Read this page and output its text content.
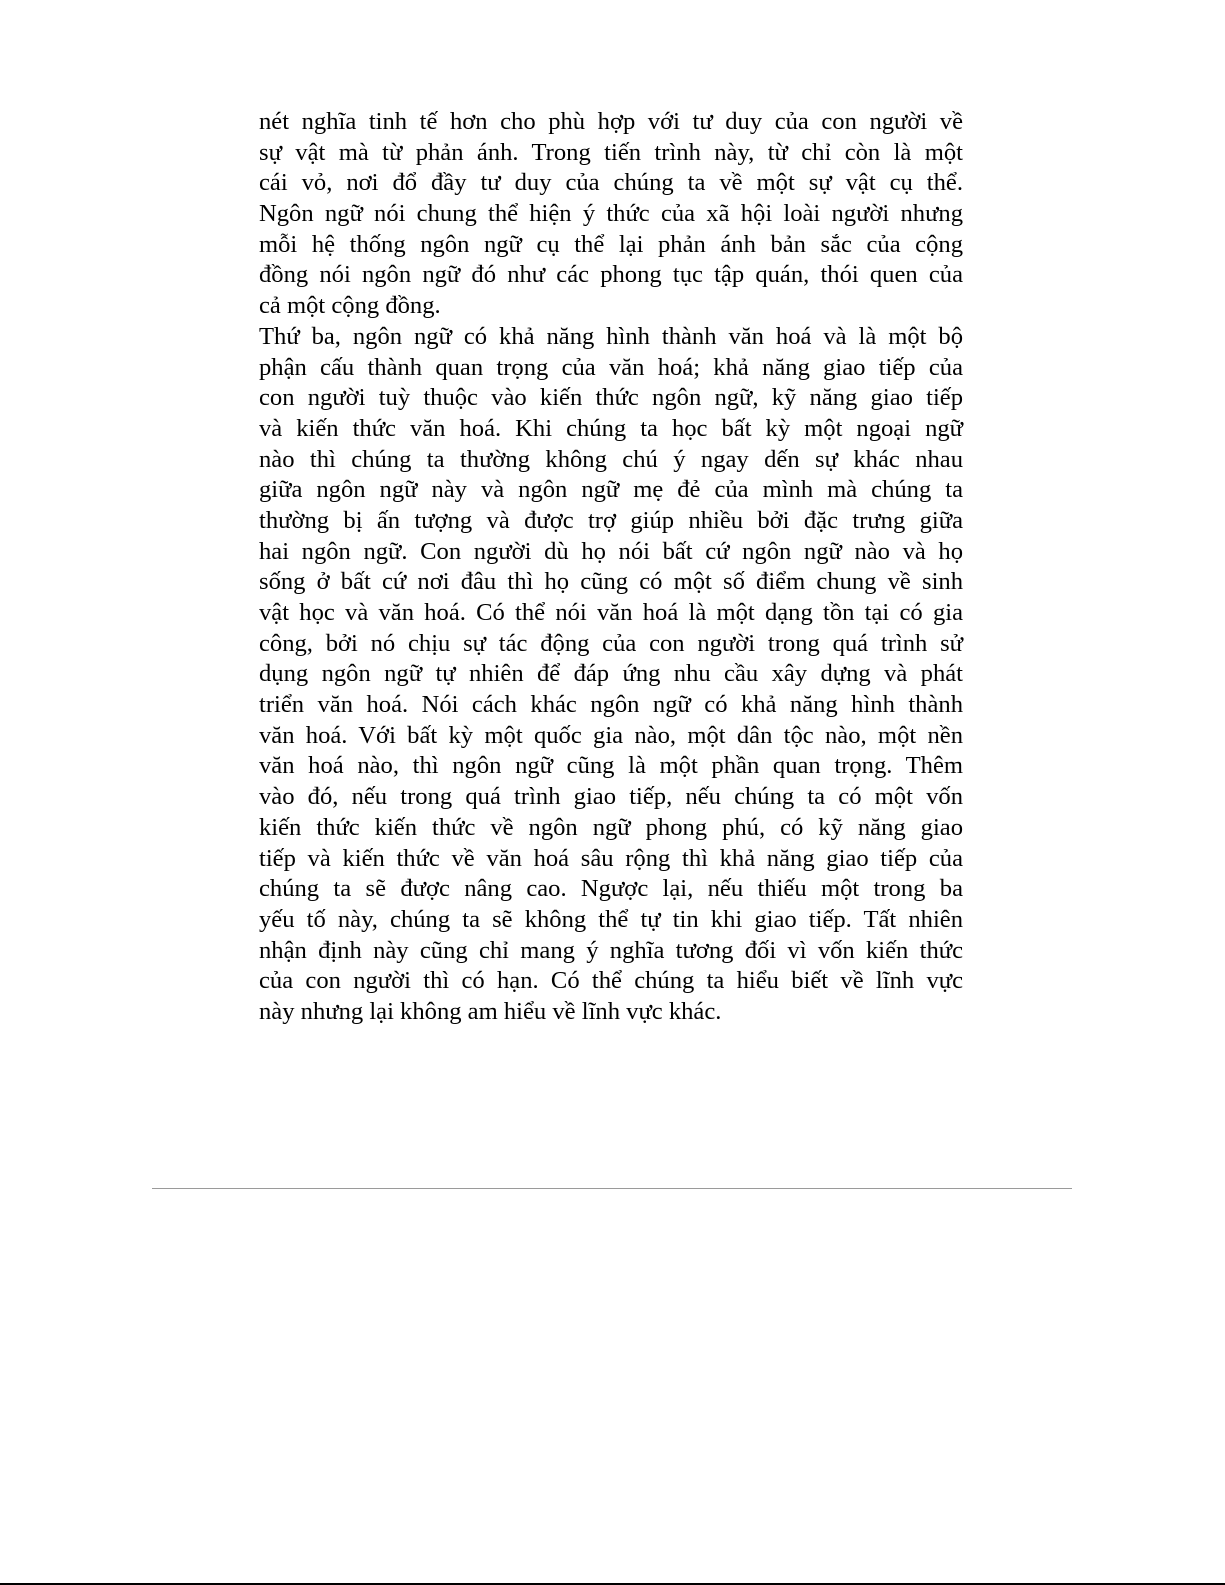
nét nghĩa tinh tế hơn cho phù hợp với tư duy của con người về
sự vật mà từ phản ánh. Trong tiến trình này, từ chỉ còn là một
cái vỏ, nơi đổ đầy tư duy của chúng ta về một sự vật cụ thể.
Ngôn ngữ nói chung thể hiện ý thức của xã hội loài người nhưng
mỗi hệ thống ngôn ngữ cụ thể lại phản ánh bản sắc của cộng
đồng nói ngôn ngữ đó như các phong tục tập quán, thói quen của
cả một cộng đồng.
Thứ ba, ngôn ngữ có khả năng hình thành văn hoá và là một bộ
phận cấu thành quan trọng của văn hoá; khả năng giao tiếp của
con người tuỳ thuộc vào kiến thức ngôn ngữ, kỹ năng giao tiếp
và kiến thức văn hoá. Khi chúng ta học bất kỳ một ngoại ngữ
nào thì chúng ta thường không chú ý ngay dến sự khác nhau
giữa ngôn ngữ này và ngôn ngữ mẹ đẻ của mình mà chúng ta
thường bị ấn tượng và được trợ giúp nhiều bởi đặc trưng giữa
hai ngôn ngữ. Con người dù họ nói bất cứ ngôn ngữ nào và họ
sống ở bất cứ nơi đâu thì họ cũng có một số điểm chung về sinh
vật học và văn hoá. Có thể nói văn hoá là một dạng tồn tại có gia
công, bởi nó chịu sự tác động của con người trong quá trình sử
dụng ngôn ngữ tự nhiên để đáp ứng nhu cầu xây dựng và phát
triển văn hoá. Nói cách khác ngôn ngữ có khả năng hình thành
văn hoá. Với bất kỳ một quốc gia nào, một dân tộc nào, một nền
văn hoá nào, thì ngôn ngữ cũng là một phần quan trọng. Thêm
vào đó, nếu trong quá trình giao tiếp, nếu chúng ta có một vốn
kiến thức kiến thức về ngôn ngữ phong phú, có kỹ năng giao
tiếp và kiến thức về văn hoá sâu rộng thì khả năng giao tiếp của
chúng ta sẽ được nâng cao. Ngược lại, nếu thiếu một trong ba
yếu tố này, chúng ta sẽ không thể tự tin khi giao tiếp. Tất nhiên
nhận định này cũng chỉ mang ý nghĩa tương đối vì vốn kiến thức
của con người thì có hạn. Có thể chúng ta hiểu biết về lĩnh vực
này nhưng lại không am hiểu về lĩnh vực khác.
